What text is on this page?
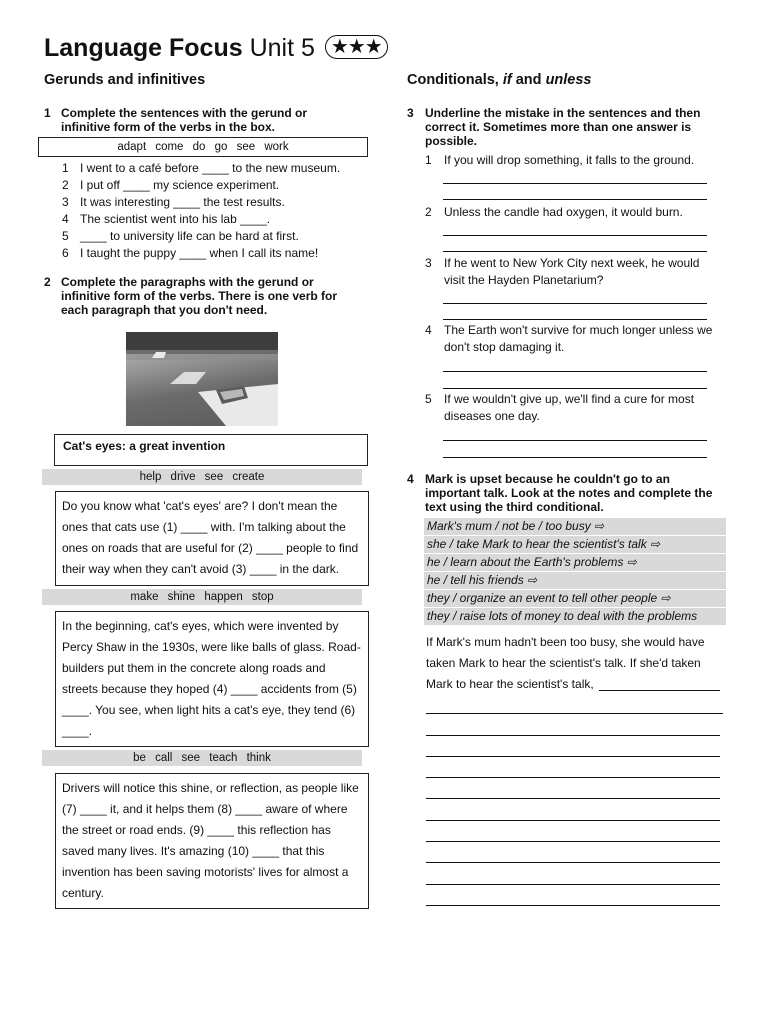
Language Focus Unit 5 ★★★
Gerunds and infinitives
1 Complete the sentences with the gerund or infinitive form of the verbs in the box.
adapt come do go see work
1 I went to a café before ____ to the new museum.
2 I put off ____ my science experiment.
3 It was interesting ____ the test results.
4 The scientist went into his lab ____.
5 ____ to university life can be hard at first.
6 I taught the puppy ____ when I call its name!
2 Complete the paragraphs with the gerund or infinitive form of the verbs. There is one verb for each paragraph that you don't need.
Cat's eyes: a great invention
help drive see create
Do you know what 'cat's eyes' are? I don't mean the ones that cats use (1) ____ with. I'm talking about the ones on roads that are useful for (2) ____ people to find their way when they can't avoid (3) ____ in the dark.
make shine happen stop
In the beginning, cat's eyes, which were invented by Percy Shaw in the 1930s, were like balls of glass. Road-builders put them in the concrete along roads and streets because they hoped (4) ____ accidents from (5) ____. You see, when light hits a cat's eye, they tend (6) ____.
be call see teach think
Drivers will notice this shine, or reflection, as people like (7) ____ it, and it helps them (8) ____ aware of where the street or road ends. (9) ____ this reflection has saved many lives. It's amazing (10) ____ that this invention has been saving motorists' lives for almost a century.
Conditionals, if and unless
3 Underline the mistake in the sentences and then correct it. Sometimes more than one answer is possible.
1 If you will drop something, it falls to the ground.
2 Unless the candle had oxygen, it would burn.
3	If he went to New York City next week, he would visit the Hayden Planetarium?
4	The Earth won't survive for much longer unless we don't stop damaging it.
5	If we wouldn't give up, we'll find a cure for most diseases one day.
4 Mark is upset because he couldn't go to an important talk. Look at the notes and complete the text using the third conditional.
Mark's mum / not be / too busy ⇨
she / take Mark to hear the scientist's talk ⇨
he / learn about the Earth's problems ⇨
he / tell his friends ⇨
they / organize an event to tell other people ⇨
they / raise lots of money to deal with the problems
If Mark's mum hadn't been too busy, she would have taken Mark to hear the scientist's talk. If she'd taken Mark to hear the scientist's talk,
